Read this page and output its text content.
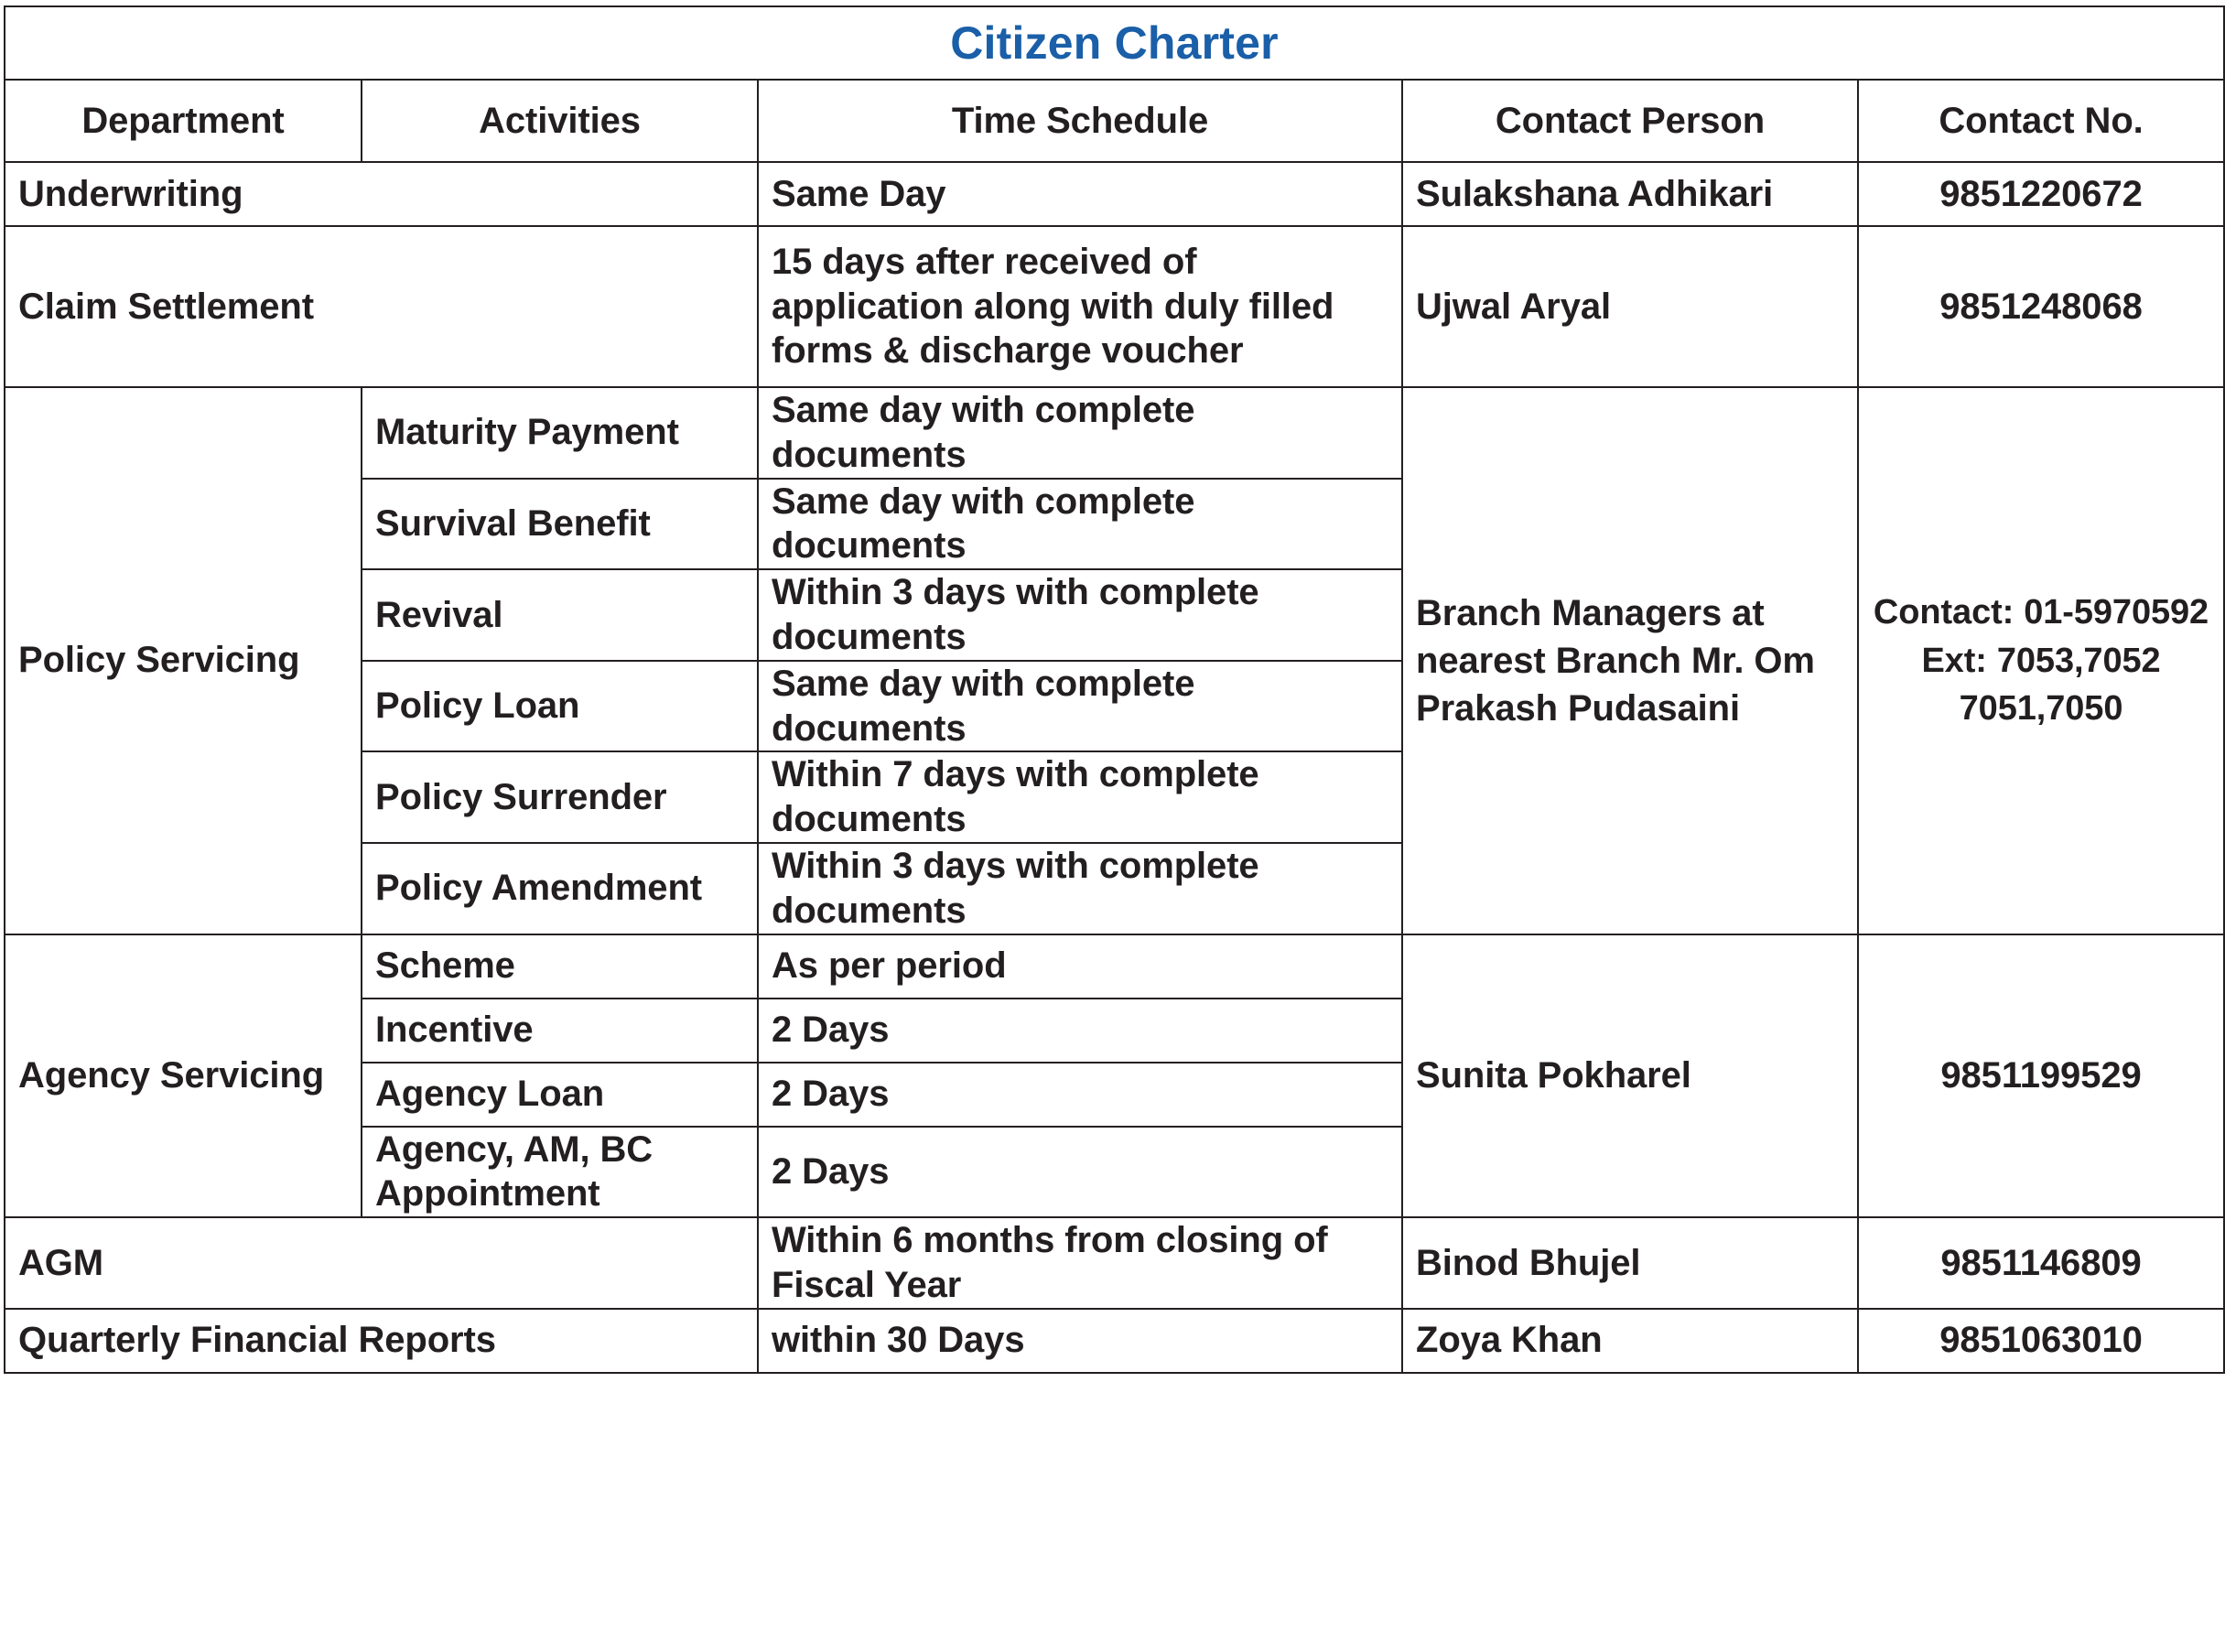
Citizen Charter				

Department	Activities	Time Schedule	Contact Person	Contact No.
Underwriting		Same Day	Sulakshana Adhikari	9851220672
Claim Settlement		15 days after received of application along with duly filled forms & discharge voucher	Ujwal Aryal	9851248068
Policy Servicing	Maturity Payment	Same day with complete documents	Branch Managers at nearest Branch Mr. Om Prakash Pudasaini	Contact: 01-5970592 Ext: 7053,7052 7051,7050
	Survival Benefit	Same day with complete documents		
	Revival	Within 3 days with complete documents		
	Policy Loan	Same day with complete documents		
	Policy Surrender	Within 7 days with complete documents		
	Policy Amendment	Within 3 days with complete documents		
Agency Servicing	Scheme	As per period	Sunita Pokharel	9851199529
	Incentive	2 Days		
	Agency Loan	2 Days		
	Agency, AM, BC Appointment	2 Days		
AGM		Within 6 months from closing of Fiscal Year	Binod Bhujel	9851146809
Quarterly Financial Reports		within 30 Days	Zoya Khan	9851063010
